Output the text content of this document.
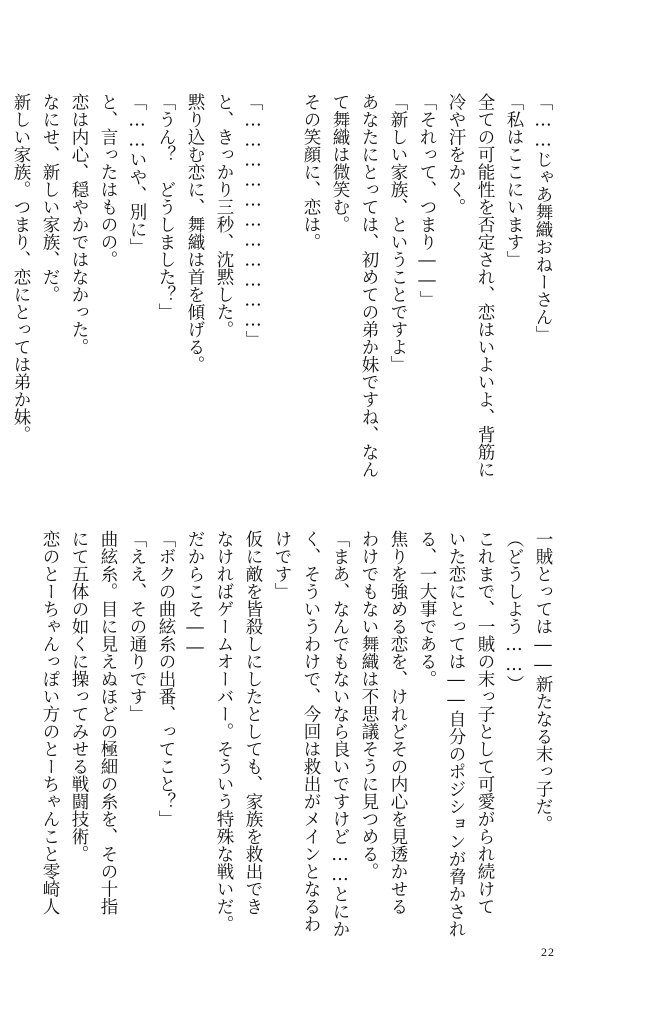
「……じゃあ舞織おねーさん」
「私はここにいます」
全ての可能性を否定され、恋はいよいよ、背筋に
冷や汗をかく。
「それって、つまり――」
「新しい家族、ということですよ」
あなたにとっては、初めての弟か妹ですね、なん
て舞織は微笑む。
その笑顔に、恋は。

「……………………………」
と、きっかり三秒、沈黙した。
黙り込む恋に、舞織は首を傾げる。
「うん？　どうしました？」
「……いや、別に」
と、言ったはものの。
恋は内心、穏やかではなかった。
なにせ、新しい家族、だ。
新しい家族。つまり、恋にとっては弟か妹。
一賊とっては――新たなる末っ子だ。
（どうしよう……）
これまで、一賊の末っ子として可愛がられ続けて
いた恋にとっては――自分のポジションが脅かされ
る、一大事である。
焦りを強める恋を、けれどその内心を見透かせる
わけでもない舞織は不思議そうに見つめる。
「まあ、なんでもないなら良いですけど……とにか
く、そういうわけで、今回は救出がメインとなるわ
けです」
仮に敵を皆殺しにしたとしても、家族を救出でき
なければゲームオーバー。そういう特殊な戦いだ。
だからこそ――
「ボクの曲絃糸の出番、ってこと？」
「ええ、その通りです」
曲絃糸。目に見えぬほどの極細の糸を、その十指
にて五体の如くに操ってみせる戦闘技術。
恋のとーちゃんっぽい方のとーちゃんこと零崎人
22
